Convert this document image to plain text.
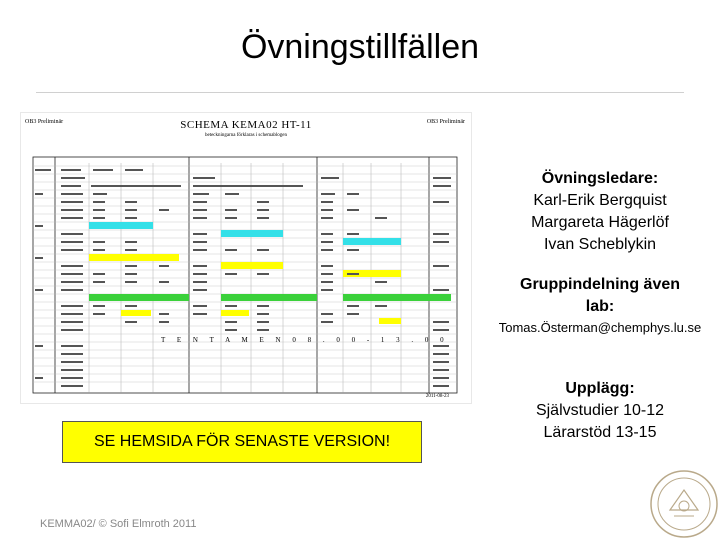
Övningstillfällen
OB3 Preliminär	OB3 Preliminär
SCHEMA KEMA02 HT-11
beteckningarna förklaras i schemablogen
T E N T A M E N 0 8 . 0 0 - 1 3 . 0 0
2011-08-23
Övningsledare:
Karl-Erik Bergquist
Margareta Hägerlöf
Ivan Scheblykin
Gruppindelning även lab:
Tomas.Österman@chemphys.lu.se
Upplägg:
Självstudier 10-12
Lärarstöd 13-15
SE HEMSIDA FÖR SENASTE VERSION!
KEMMA02/ © Sofi Elmroth 2011
